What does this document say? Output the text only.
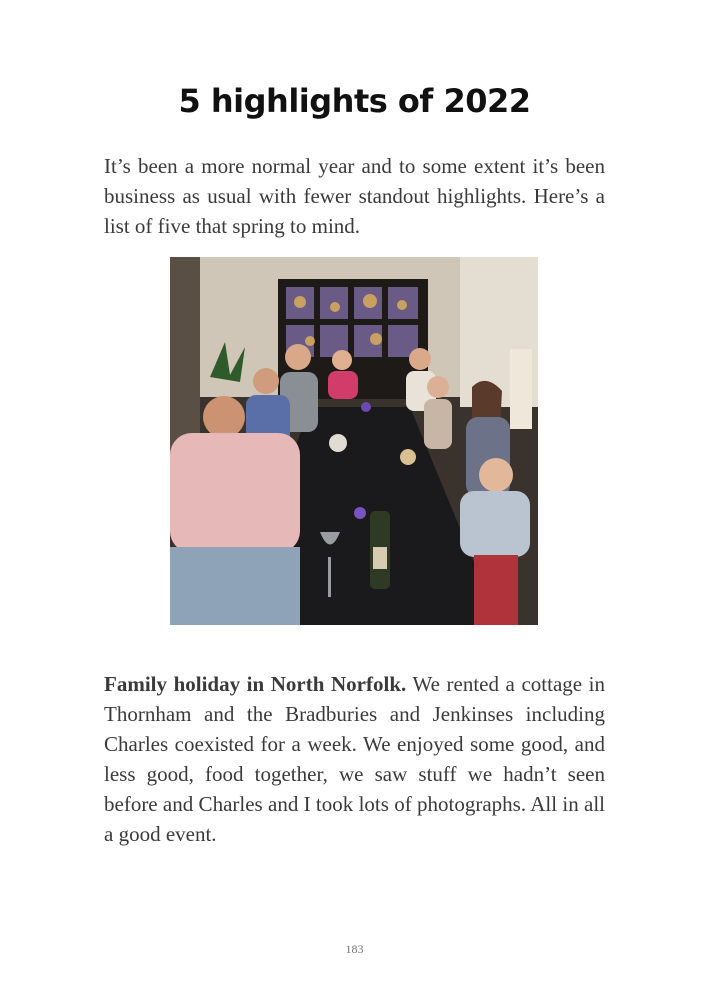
5 highlights of 2022

It’s been a more normal year and to some extent it’s been business as usual with fewer standout highlights. Here’s a list of five that spring to mind.

Family holiday in North Norfolk. We rented a cottage in Thornham and the Bradburies and Jenkinses including Charles coexisted for a week. We enjoyed some good, and less good, food together, we saw stuff we hadn’t seen before and Charles and I took lots of photographs. All in all a good event.

183
